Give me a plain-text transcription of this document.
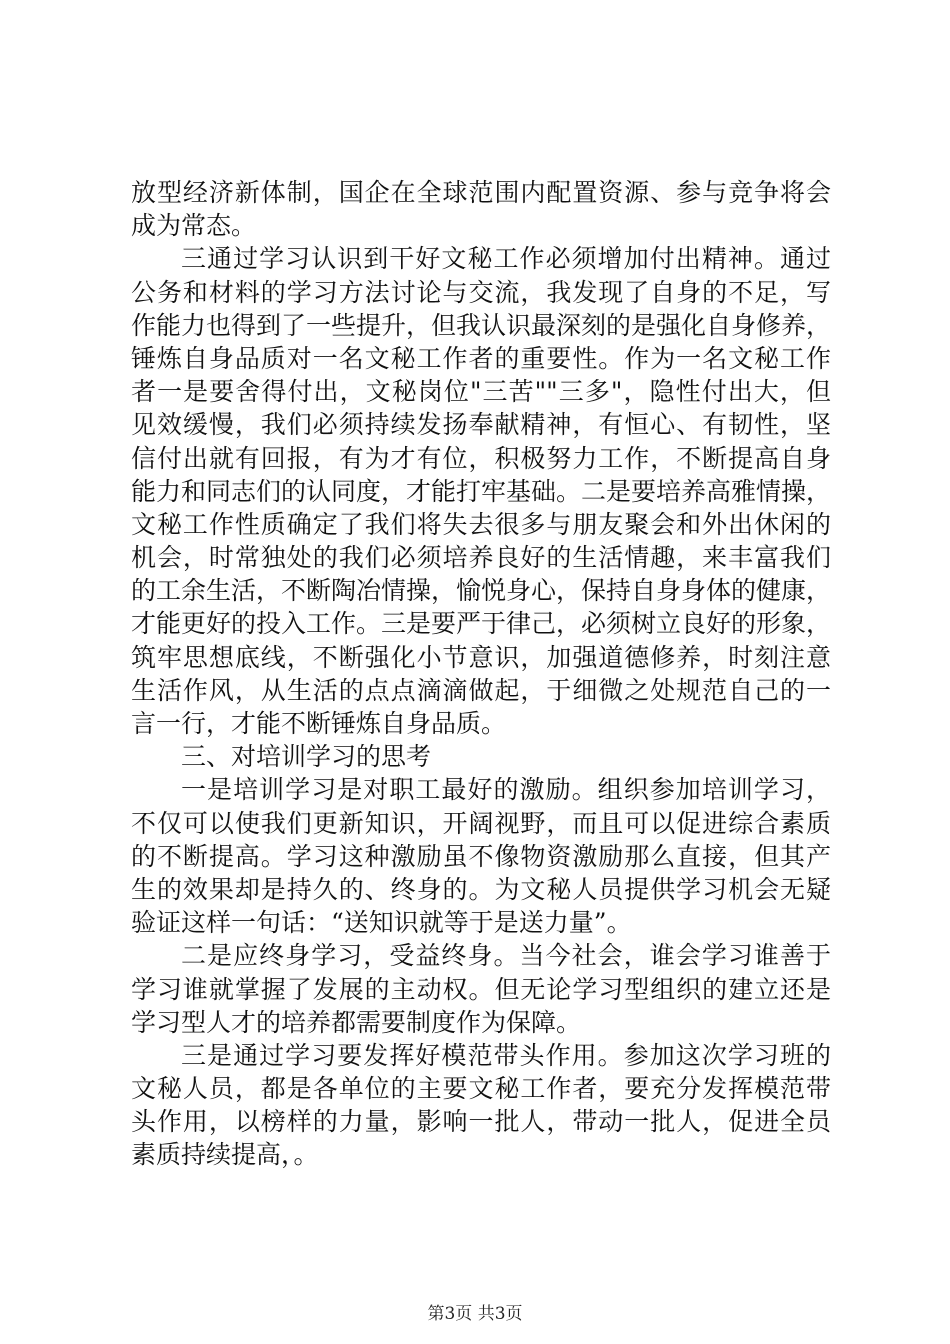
放型经济新体制，国企在全球范围内配置资源、参与竞争将会
成为常态。
三通过学习认识到干好文秘工作必须增加付出精神。通过
公务和材料的学习方法讨论与交流，我发现了自身的不足，写
作能力也得到了一些提升，但我认识最深刻的是强化自身修养，
锤炼自身品质对一名文秘工作者的重要性。作为一名文秘工作
者一是要舍得付出，文秘岗位"三苦""三多"，隐性付出大，但
见效缓慢，我们必须持续发扬奉献精神，有恒心、有韧性，坚
信付出就有回报，有为才有位，积极努力工作，不断提高自身
能力和同志们的认同度，才能打牢基础。二是要培养高雅情操，
文秘工作性质确定了我们将失去很多与朋友聚会和外出休闲的
机会，时常独处的我们必须培养良好的生活情趣，来丰富我们
的工余生活，不断陶冶情操，愉悦身心，保持自身身体的健康，
才能更好的投入工作。三是要严于律己，必须树立良好的形象，
筑牢思想底线，不断强化小节意识，加强道德修养，时刻注意
生活作风，从生活的点点滴滴做起，于细微之处规范自己的一
言一行，才能不断锤炼自身品质。
三、对培训学习的思考
一是培训学习是对职工最好的激励。组织参加培训学习，
不仅可以使我们更新知识，开阔视野，而且可以促进综合素质
的不断提高。学习这种激励虽不像物资激励那么直接，但其产
生的效果却是持久的、终身的。为文秘人员提供学习机会无疑
验证这样一句话：“送知识就等于是送力量”。
二是应终身学习，受益终身。当今社会，谁会学习谁善于
学习谁就掌握了发展的主动权。但无论学习型组织的建立还是
学习型人才的培养都需要制度作为保障。
三是通过学习要发挥好模范带头作用。参加这次学习班的
文秘人员，都是各单位的主要文秘工作者，要充分发挥模范带
头作用，以榜样的力量，影响一批人，带动一批人，促进全员
素质持续提高，。
第3页 共3页
